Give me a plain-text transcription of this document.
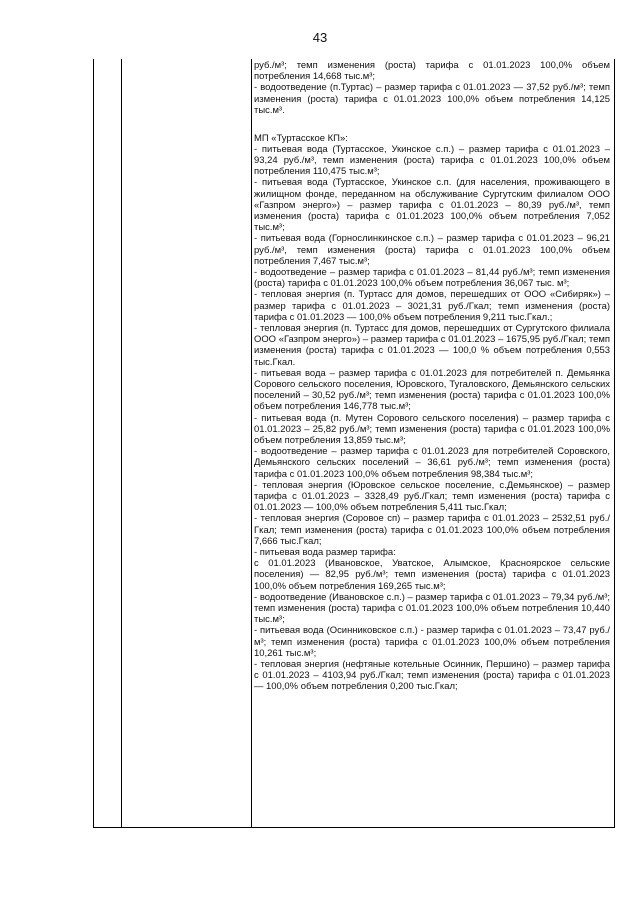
43

руб./м³; темп изменения (роста) тарифа с 01.01.2023 100,0% объем потребления 14,668 тыс.м³;

- водоотведение (п.Туртас) – размер тарифа с 01.01.2023 — 37,52 руб./м³; темп изменения (роста) тарифа с 01.01.2023 100,0% объем потребления 14,125 тыс.м³.

МП «Туртасское КП»:

- питьевая вода (Туртасское, Укинское с.п.) – размер тарифа с 01.01.2023 – 93,24 руб./м³, темп изменения (роста) тарифа с 01.01.2023 100,0% объем потребления 110,475 тыс.м³;

- питьевая вода (Туртасское, Укинское с.п. (для населения, проживающего в жилищном фонде, переданном на обслуживание Сургутским филиалом ООО «Газпром энерго») – размер тарифа с 01.01.2023 – 80,39 руб./м³, темп изменения (роста) тарифа с 01.01.2023 100,0% объем потребления 7,052 тыс.м³;

- питьевая вода (Горнослинкинское с.п.) – размер тарифа с 01.01.2023 – 96,21 руб./м³, темп изменения (роста) тарифа с 01.01.2023 100,0% объем потребления 7,467 тыс.м³;

- водоотведение – размер тарифа с 01.01.2023 – 81,44 руб./м³; темп изменения (роста) тарифа с 01.01.2023 100,0% объем потребления 36,067 тыс. м³;

- тепловая энергия (п. Туртасс для домов, перешедших от ООО «Сибиряк») – размер тарифа с 01.01.2023 – 3021,31 руб./Гкал; темп изменения (роста) тарифа с 01.01.2023 — 100,0% объем потребления 9,211 тыс.Гкал.;

- тепловая энергия (п. Туртасс для домов, перешедших от Сургутского филиала ООО «Газпром энерго») – размер тарифа с 01.01.2023 – 1675,95 руб./Гкал; темп изменения (роста) тарифа с 01.01.2023 — 100,0 % объем потребления 0,553 тыс.Гкал.

- питьевая вода – размер тарифа с 01.01.2023 для потребителей п. Демьянка Сорового сельского поселения, Юровского, Тугаловского, Демьянского сельских поселений – 30,52 руб./м³; темп изменения (роста) тарифа с 01.01.2023 100,0% объем потребления 146,778 тыс.м³;

- питьевая вода (п. Мутен Сорового сельского поселения) – размер тарифа с 01.01.2023 – 25,82 руб./м³; темп изменения (роста) тарифа с 01.01.2023 100,0% объем потребления 13,859 тыс.м³;

- водоотведение – размер тарифа с 01.01.2023 для потребителей Соровского, Демьянского сельских поселений – 36,61 руб./м³; темп изменения (роста) тарифа с 01.01.2023 100,0% объем потребления 98,384 тыс.м³;

- тепловая энергия (Юровское сельское поселение, с.Демьянское) – размер тарифа с 01.01.2023 – 3328,49 руб./Гкал; темп изменения (роста) тарифа с 01.01.2023 — 100,0% объем потребления 5,411 тыс.Гкал;

- тепловая энергия (Соровое сп) – размер тарифа с 01.01.2023 – 2532,51 руб./Гкал; темп изменения (роста) тарифа с 01.01.2023 100,0% объем потребления 7,666 тыс.Гкал;

- питьевая вода размер тарифа:

с 01.01.2023 (Ивановское, Уватское, Алымское, Красноярское сельские поселения) — 82,95 руб./м³; темп изменения (роста) тарифа с 01.01.2023 100,0% объем потребления 169,265 тыс.м³;

- водоотведение (Ивановское с.п.) – размер тарифа с 01.01.2023 – 79,34 руб./м³; темп изменения (роста) тарифа с 01.01.2023 100,0% объем потребления 10,440 тыс.м³;

- питьевая вода (Осинниковское с.п.) - размер тарифа с 01.01.2023 – 73,47 руб./м³; темп изменения (роста) тарифа с 01.01.2023 100,0% объем потребления 10,261 тыс.м³;

- тепловая энергия (нефтяные котельные Осинник, Першино) – размер тарифа с 01.01.2023 – 4103,94 руб./Гкал; темп изменения (роста) тарифа с 01.01.2023 — 100,0% объем потребления 0,200 тыс.Гкал;
